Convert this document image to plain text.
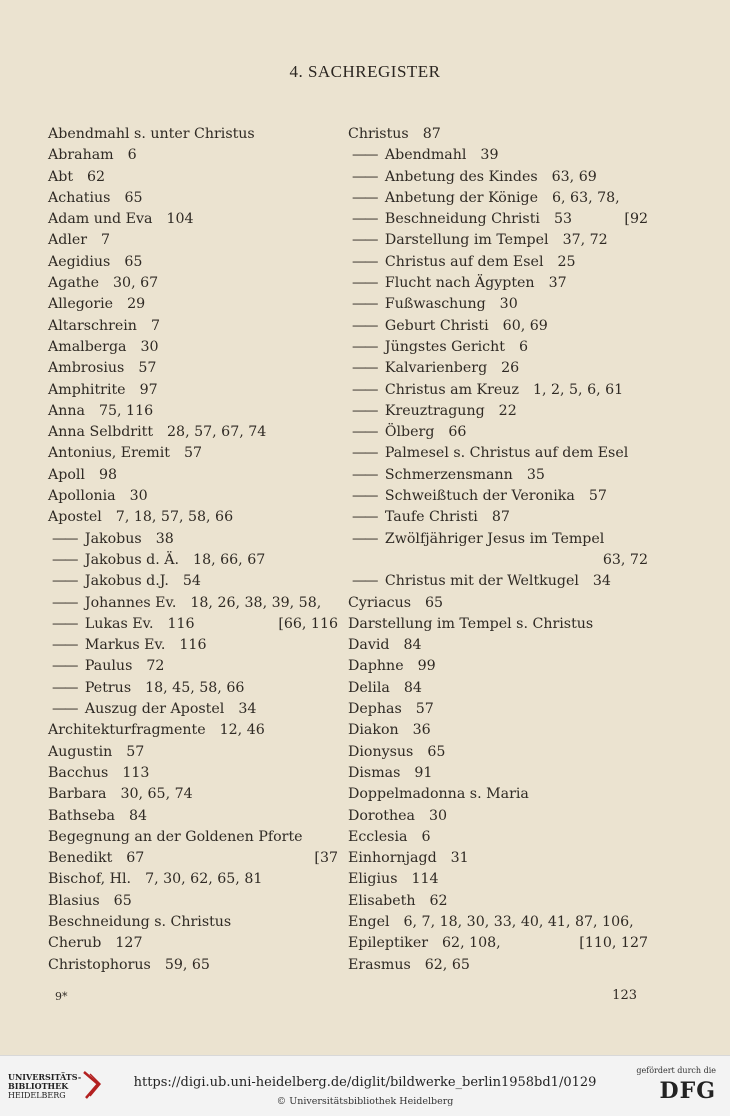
4. SACHREGISTER
Abendmahl s. unter Christus
Abraham 6
Abt 62
Achatius 65
Adam und Eva 104
Adler 7
Aegidius 65
Agathe 30, 67
Allegorie 29
Altarschrein 7
Amalberga 30
Ambrosius 57
Amphitrite 97
Anna 75, 116
Anna Selbdritt 28, 57, 67, 74
Antonius, Eremit 57
Apoll 98
Apollonia 30
Apostel 7, 18, 57, 58, 66
—— Jakobus 38
—— Jakobus d. Ä. 18, 66, 67
—— Jakobus d.J. 54
—— Johannes Ev. 18, 26, 38, 39, 58,
—— Lukas Ev. 116	[66, 116
—— Markus Ev. 116
—— Paulus 72
—— Petrus 18, 45, 58, 66
—— Auszug der Apostel 34
Architekturfragmente 12, 46
Augustin 57
Bacchus 113
Barbara 30, 65, 74
Bathseba 84
Begegnung an der Goldenen Pforte
Benedikt 67	[37
Bischof, Hl. 7, 30, 62, 65, 81
Blasius 65
Beschneidung s. Christus
Cherub 127
Christophorus 59, 65
Christus 87
—— Abendmahl 39
—— Anbetung des Kindes 63, 69
—— Anbetung der Könige 6, 63, 78,
—— Beschneidung Christi 53	[92
—— Darstellung im Tempel 37, 72
—— Christus auf dem Esel 25
—— Flucht nach Ägypten 37
—— Fußwaschung 30
—— Geburt Christi 60, 69
—— Jüngstes Gericht 6
—— Kalvarienberg 26
—— Christus am Kreuz 1, 2, 5, 6, 61
—— Kreuztragung 22
—— Ölberg 66
—— Palmesel s. Christus auf dem Esel
—— Schmerzensmann 35
—— Schweißtuch der Veronika 57
—— Taufe Christi 87
—— Zwölfjähriger Jesus im Tempel
63, 72
—— Christus mit der Weltkugel 34
Cyriacus 65
Darstellung im Tempel s. Christus
David 84
Daphne 99
Delila 84
Dephas 57
Diakon 36
Dionysus 65
Dismas 91
Doppelmadonna s. Maria
Dorothea 30
Ecclesia 6
Einhornjagd 31
Eligius 114
Elisabeth 62
Engel 6, 7, 18, 30, 33, 40, 41, 87, 106,
Epileptiker 62, 108,	[110, 127
Erasmus 62, 65
9*	123
UNIVERSITÄTS-
BIBLIOTHEK
HEIDELBERG
https://digi.ub.uni-heidelberg.de/diglit/bildwerke_berlin1958bd1/0129
© Universitätsbibliothek Heidelberg
gefördert durch die
DFG
